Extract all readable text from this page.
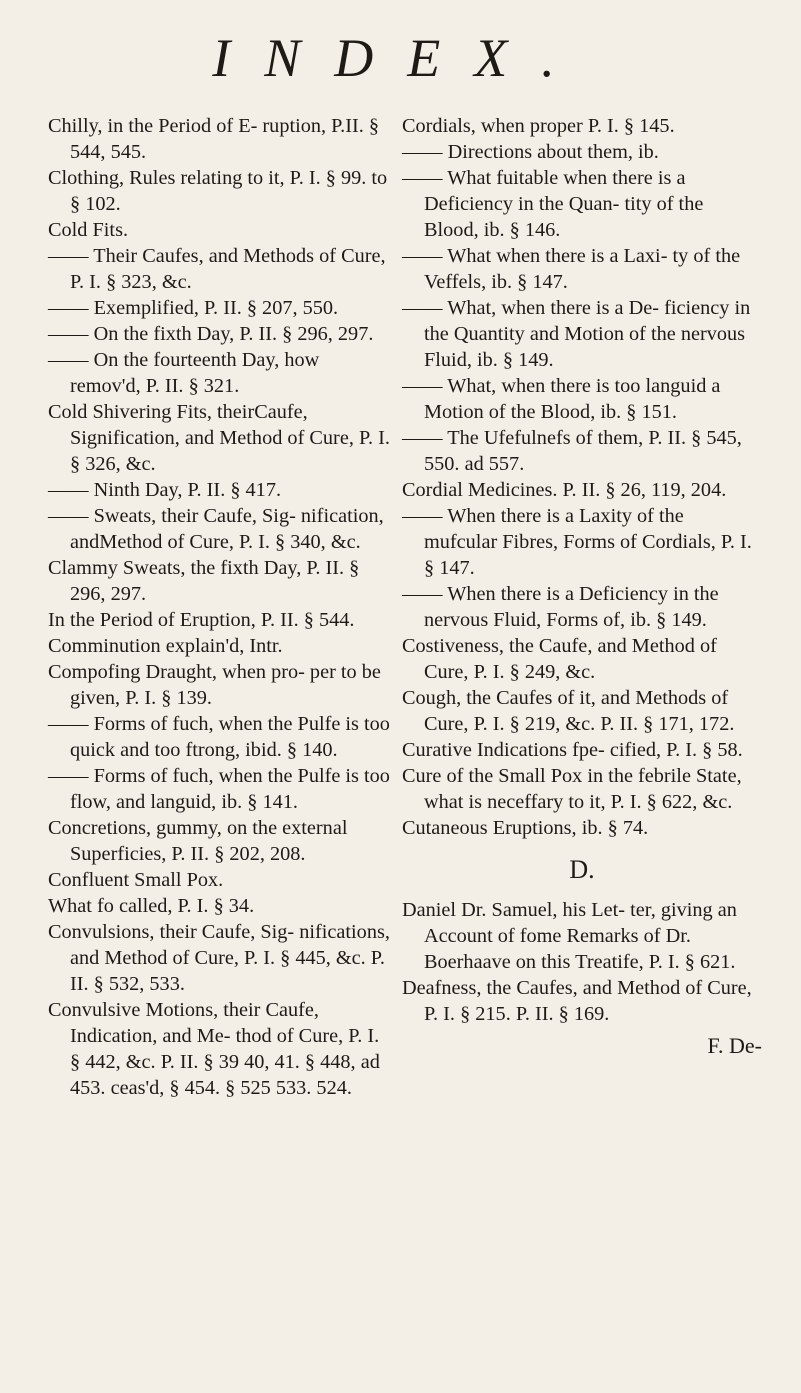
INDEX.
Chilly, in the Period of E- ruption, P.II. § 544, 545.
Clothing, Rules relating to it, P. I. § 99. to § 102.
Cold Fits.
—— Their Caufes, and Methods of Cure, P. I. § 323, &c.
—— Exemplified, P. II. § 207, 550.
—— On the fixth Day, P. II. § 296, 297.
—— On the fourteenth Day, how remov'd, P. II. § 321.
Cold Shivering Fits, theirCaufe, Signification, and Method of Cure, P. I. § 326, &c.
—— Ninth Day, P. II. § 417.
—— Sweats, their Caufe, Sig- nification, andMethod of Cure, P. I. § 340, &c.
Clammy Sweats, the fixth Day, P. II. § 296, 297.
In the Period of Eruption, P. II. § 544.
Comminution explain'd, Intr.
Compofing Draught, when pro- per to be given, P. I. § 139.
—— Forms of fuch, when the Pulfe is too quick and too ftrong, ibid. § 140.
—— Forms of fuch, when the Pulfe is too flow, and languid, ib. § 141.
Concretions, gummy, on the external Superficies, P. II. § 202, 208.
Confluent Small Pox.
What fo called, P. I. § 34.
Convulsions, their Caufe, Sig- nifications, and Method of Cure, P. I. § 445, &c. P. II. § 532, 533.
Convulsive Motions, their Caufe, Indication, and Me- thod of Cure, P. I. § 442, &c. P. II. § 39 40, 41. § 448, ad 453. ceas'd, § 454. § 525 533. 524.
Cordials, when proper P. I. § 145.
—— Directions about them, ib.
—— What fuitable when there is a Deficiency in the Quan- tity of the Blood, ib. § 146.
—— What when there is a Laxi- ty of the Veffels, ib. § 147.
—— What, when there is a De- ficiency in the Quantity and Motion of the nervous Fluid, ib. § 149.
—— What, when there is too languid a Motion of the Blood, ib. § 151.
—— The Ufefulnefs of them, P. II. § 545, 550. ad 557.
Cordial Medicines. P. II. § 26, 119, 204.
—— When there is a Laxity of the mufcular Fibres, Forms of Cordials, P. I. § 147.
—— When there is a Deficiency in the nervous Fluid, Forms of, ib. § 149.
Costiveness, the Caufe, and Method of Cure, P. I. § 249, &c.
Cough, the Caufes of it, and Methods of Cure, P. I. § 219, &c. P. II. § 171, 172.
Curative Indications fpe- cified, P. I. § 58.
Cure of the Small Pox in the febrile State, what is neceffary to it, P. I. § 622, &c.
Cutaneous Eruptions, ib. § 74.
D.
Daniel Dr. Samuel, his Let- ter, giving an Account of fome Remarks of Dr. Boerhaave on this Treatife, P. I. § 621.
Deafness, the Caufes, and Method of Cure, P. I. § 215. P. II. § 169.
F. De-
